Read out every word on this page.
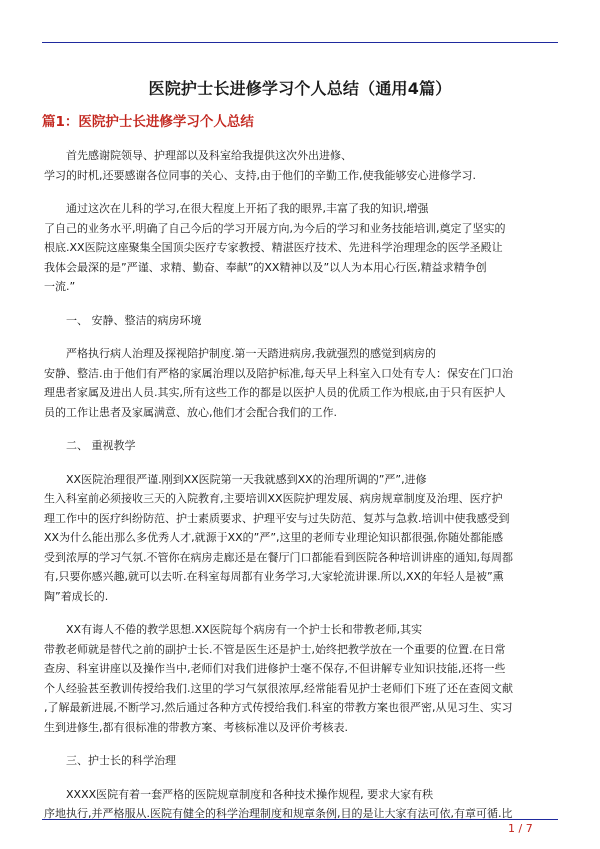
医院护士长进修学习个人总结（通用4篇）
篇1：医院护士长进修学习个人总结
首先感谢院领导、护理部以及科室给我提供这次外出进修、
学习的时机,还要感谢各位同事的关心、支持,由于他们的辛勤工作,使我能够安心进修学习.
通过这次在儿科的学习,在很大程度上开拓了我的眼界,丰富了我的知识,增强
了自己的业务水平,明确了自己今后的学习开展方向,为今后的学习和业务技能培训,奠定了坚实的
根底.XX医院这座聚集全国顶尖医疗专家教授、精湛医疗技术、先进科学治理理念的医学圣殿让
我体会最深的是”严谨、求精、勤奋、奉献”的XX精神以及”以人为本用心行医,精益求精争创
一流.”
一、 安静、整洁的病房环境
严格执行病人治理及探视陪护制度.第一天踏进病房,我就强烈的感觉到病房的
安静、整洁.由于他们有严格的家属治理以及陪护标准,每天早上科室入口处有专人：保安在门口治
理患者家属及进出人员.其实,所有这些工作的都是以医护人员的优质工作为根底,由于只有医护人
员的工作让患者及家属满意、放心,他们才会配合我们的工作.
二、 重视教学
XX医院治理很严谨.刚到XX医院第一天我就感到XX的治理所调的”严”,进修
生入科室前必须接收三天的入院教育,主要培训XX医院护理发展、病房规章制度及治理、医疗护
理工作中的医疗纠纷防范、护士素质要求、护理平安与过失防范、复苏与急救.培训中使我感受到
XX为什么能出那么多优秀人才,就源于XX的”严”,这里的老师专业理论知识都很强,你随处都能感
受到浓厚的学习气氛.不管你在病房走廊还是在餐厅门口都能看到医院各种培训讲座的通知,每周都
有,只要你感兴趣,就可以去听.在科室每周都有业务学习,大家轮流讲课.所以,XX的年轻人是被”熏
陶”着成长的.
XX有诲人不倦的教学思想.XX医院每个病房有一个护士长和带教老师,其实
带教老师就是替代之前的副护士长.不管是医生还是护士,始终把教学放在一个重要的位置.在日常
查房、科室讲座以及操作当中,老师们对我们进修护士毫不保存,不但讲解专业知识技能,还将一些
个人经验甚至教训传授给我们.这里的学习气氛很浓厚,经常能看见护士老师们下班了还在查阅文献
,了解最新进展,不断学习,然后通过各种方式传授给我们.科室的带教方案也很严密,从见习生、实习
生到进修生,都有很标准的带教方案、考核标准以及评价考核表.
三、护士长的科学治理
XXXX医院有着一套严格的医院规章制度和各种技术操作规程, 要求大家有秩
序地执行,并严格服从.医院有健全的科学治理制度和规章条例,目的是让大家有法可依,有章可循.比
1 / 7
